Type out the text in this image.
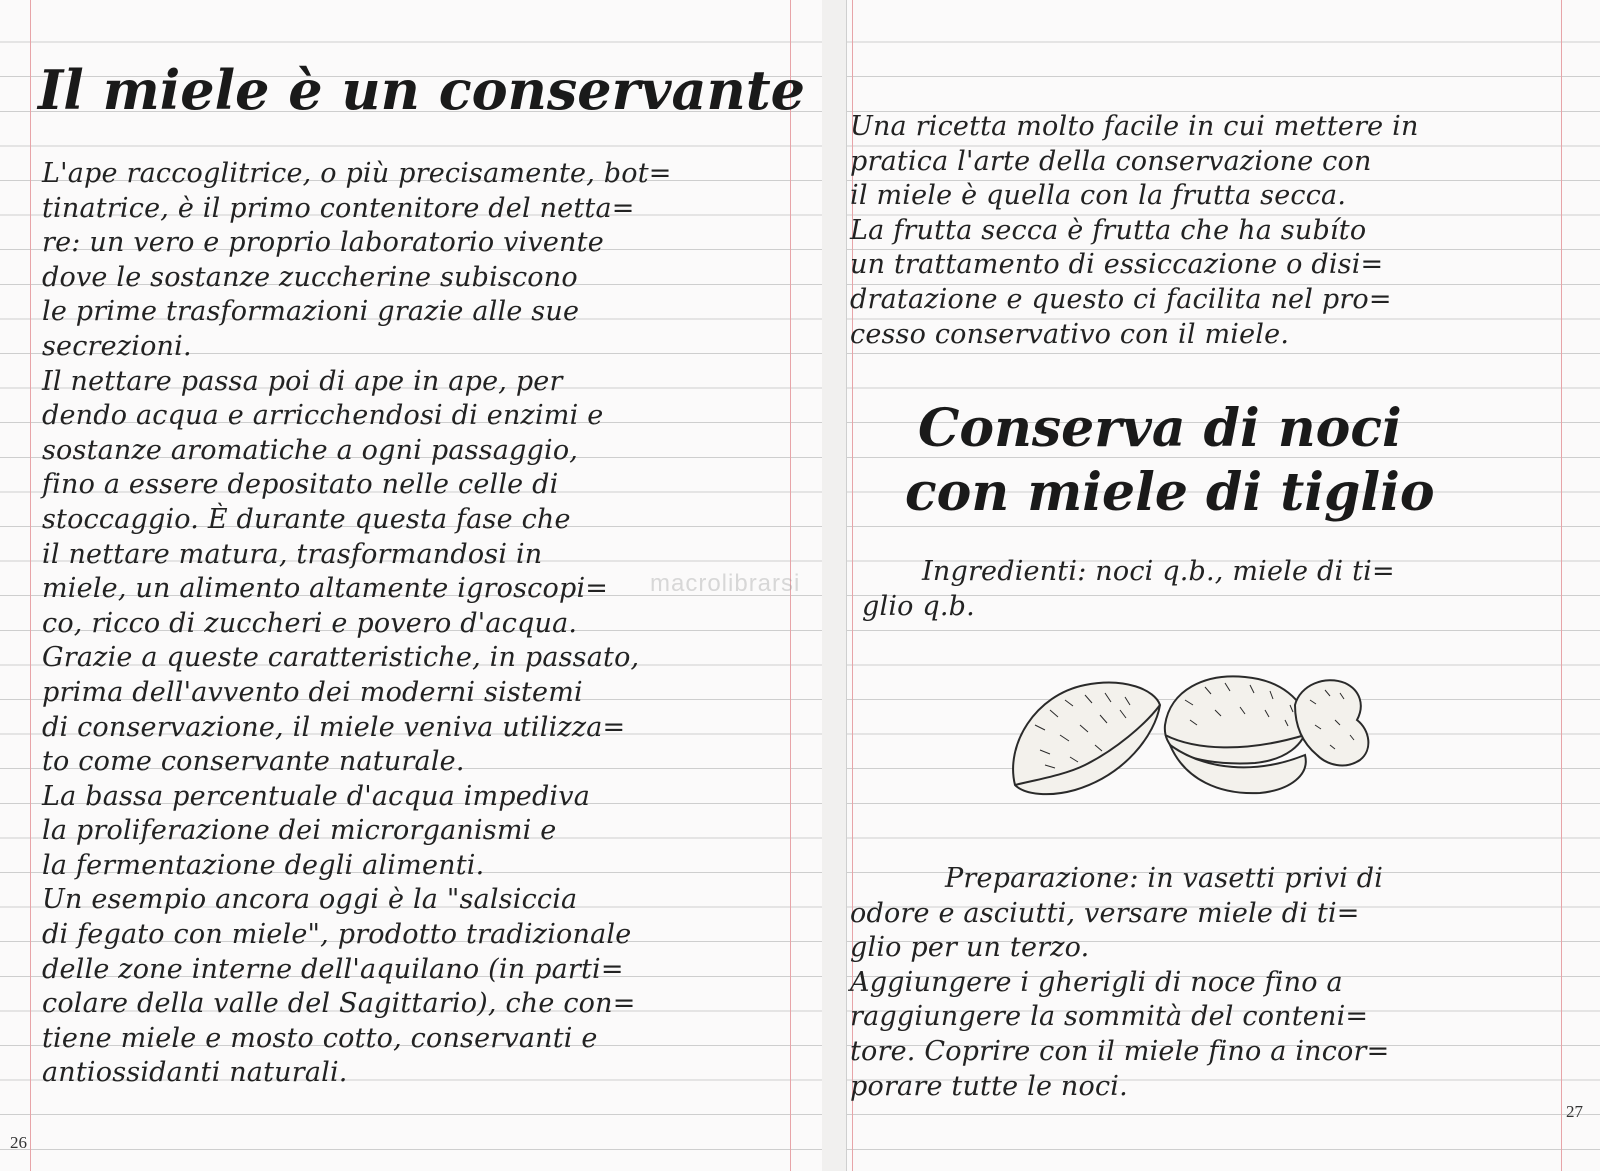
Il miele è un conservante
L'ape raccoglitrice, o più precisamente, bot=
tinatrice, è il primo contenitore del netta=
re: un vero e proprio laboratorio vivente
dove le sostanze zuccherine subiscono
le prime trasformazioni grazie alle sue
secrezioni.
Il nettare passa poi di ape in ape, per
dendo acqua e arricchendosi di enzimi e
sostanze aromatiche a ogni passaggio,
fino a essere depositato nelle celle di
stoccaggio. È durante questa fase che
il nettare matura, trasformandosi in
miele, un alimento altamente igroscopi=
co, ricco di zuccheri e povero d'acqua.
Grazie a queste caratteristiche, in passato,
prima dell'avvento dei moderni sistemi
di conservazione, il miele veniva utilizza=
to come conservante naturale.
La bassa percentuale d'acqua impediva
la proliferazione dei microrganismi e
la fermentazione degli alimenti.
Un esempio ancora oggi è la "salsiccia
di fegato con miele", prodotto tradizionale
delle zone interne dell'aquilano (in parti=
colare della valle del Sagittario), che con=
tiene miele e mosto cotto, conservanti e
antiossidanti naturali.
26
Una ricetta molto facile in cui mettere in
pratica l'arte della conservazione con
il miele è quella con la frutta secca.
La frutta secca è frutta che ha subíto
un trattamento di essiccazione o disi=
dratazione e questo ci facilita nel pro=
cesso conservativo con il miele.
Conserva di noci
con miele di tiglio
Ingredienti: noci q.b., miele di ti=
glio q.b.
Preparazione: in vasetti privi di
odore e asciutti, versare miele di ti=
glio per un terzo.
Aggiungere i gherigli di noce fino a
raggiungere la sommità del conteni=
tore. Coprire con il miele fino a incor=
porare tutte le noci.
27
macrolibrarsi
